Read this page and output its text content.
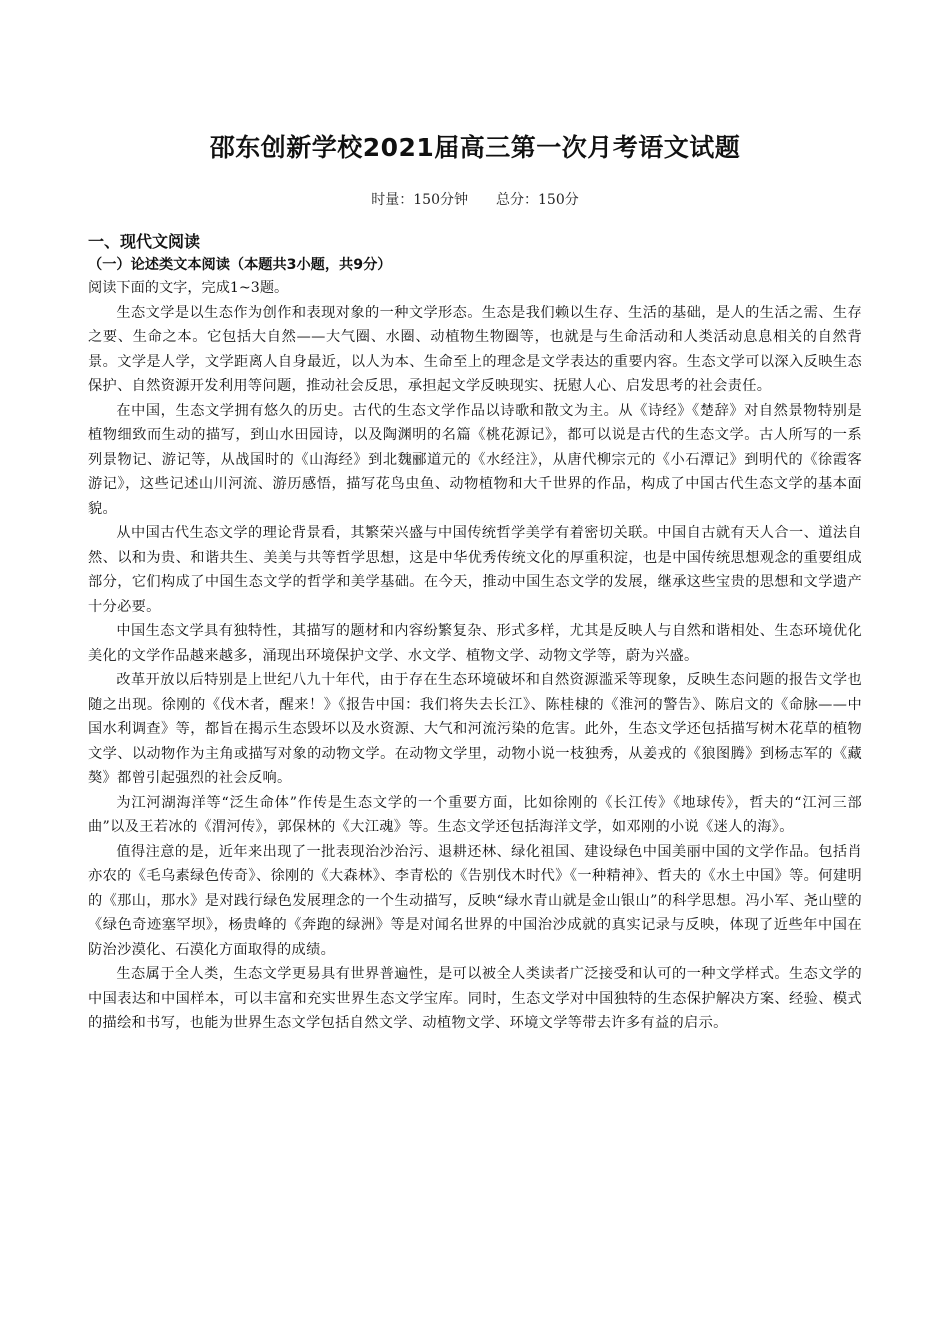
邵东创新学校2021届高三第一次月考语文试题
时量：150分钟 总分：150分
一、现代文阅读
（一）论述类文本阅读（本题共3小题，共9分）
阅读下面的文字，完成1~3题。

生态文学是以生态作为创作和表现对象的一种文学形态。生态是我们赖以生存、生活的基础，是人的生活之需、生存之要、生命之本。它包括大自然——大气圈、水圈、动植物生物圈等，也就是与生命活动和人类活动息息相关的自然背景。文学是人学，文学距离人自身最近，以人为本、生命至上的理念是文学表达的重要内容。生态文学可以深入反映生态保护、自然资源开发利用等问题，推动社会反思，承担起文学反映现实、抚慰人心、启发思考的社会责任。

在中国，生态文学拥有悠久的历史。古代的生态文学作品以诗歌和散文为主。从《诗经》《楚辞》对自然景物特别是植物细致而生动的描写，到山水田园诗，以及陶渊明的名篇《桃花源记》，都可以说是古代的生态文学。古人所写的一系列景物记、游记等，从战国时的《山海经》到北魏郦道元的《水经注》，从唐代柳宗元的《小石潭记》到明代的《徐霞客游记》，这些记述山川河流、游历感悟，描写花鸟虫鱼、动物植物和大千世界的作品，构成了中国古代生态文学的基本面貌。

从中国古代生态文学的理论背景看，其繁荣兴盛与中国传统哲学美学有着密切关联。中国自古就有天人合一、道法自然、以和为贵、和谐共生、美美与共等哲学思想，这是中华优秀传统文化的厚重积淀，也是中国传统思想观念的重要组成部分，它们构成了中国生态文学的哲学和美学基础。在今天，推动中国生态文学的发展，继承这些宝贵的思想和文学遗产十分必要。

中国生态文学具有独特性，其描写的题材和内容纷繁复杂、形式多样，尤其是反映人与自然和谐相处、生态环境优化美化的文学作品越来越多，涌现出环境保护文学、水文学、植物文学、动物文学等，蔚为兴盛。

改革开放以后特别是上世纪八九十年代，由于存在生态环境破坏和自然资源滥采等现象，反映生态问题的报告文学也随之出现。徐刚的《伐木者，醒来！》《报告中国：我们将失去长江》、陈桂棣的《淮河的警告》、陈启文的《命脉——中国水利调查》等，都旨在揭示生态毁坏以及水资源、大气和河流污染的危害。此外，生态文学还包括描写树木花草的植物文学、以动物作为主角或描写对象的动物文学。在动物文学里，动物小说一枝独秀，从姜戎的《狼图腾》到杨志军的《藏獒》都曾引起强烈的社会反响。

为江河湖海洋等“泛生命体”作传是生态文学的一个重要方面，比如徐刚的《长江传》《地球传》，哲夫的“江河三部曲”以及王若冰的《渭河传》，郭保林的《大江魂》等。生态文学还包括海洋文学，如邓刚的小说《迷人的海》。

值得注意的是，近年来出现了一批表现治沙治污、退耕还林、绿化祖国、建设绿色中国美丽中国的文学作品。包括肖亦农的《毛乌素绿色传奇》、徐刚的《大森林》、李青松的《告别伐木时代》《一种精神》、哲夫的《水土中国》等。何建明的《那山，那水》是对践行绿色发展理念的一个生动描写，反映“绿水青山就是金山银山”的科学思想。冯小军、尧山壁的《绿色奇迹塞罕坝》，杨贵峰的《奔跑的绿洲》等是对闻名世界的中国治沙成就的真实记录与反映，体现了近些年中国在防治沙漠化、石漠化方面取得的成绩。

生态属于全人类，生态文学更易具有世界普遍性，是可以被全人类读者广泛接受和认可的一种文学样式。生态文学的中国表达和中国样本，可以丰富和充实世界生态文学宝库。同时，生态文学对中国独特的生态保护解决方案、经验、模式的描绘和书写，也能为世界生态文学包括自然文学、动植物文学、环境文学等带去许多有益的启示。
